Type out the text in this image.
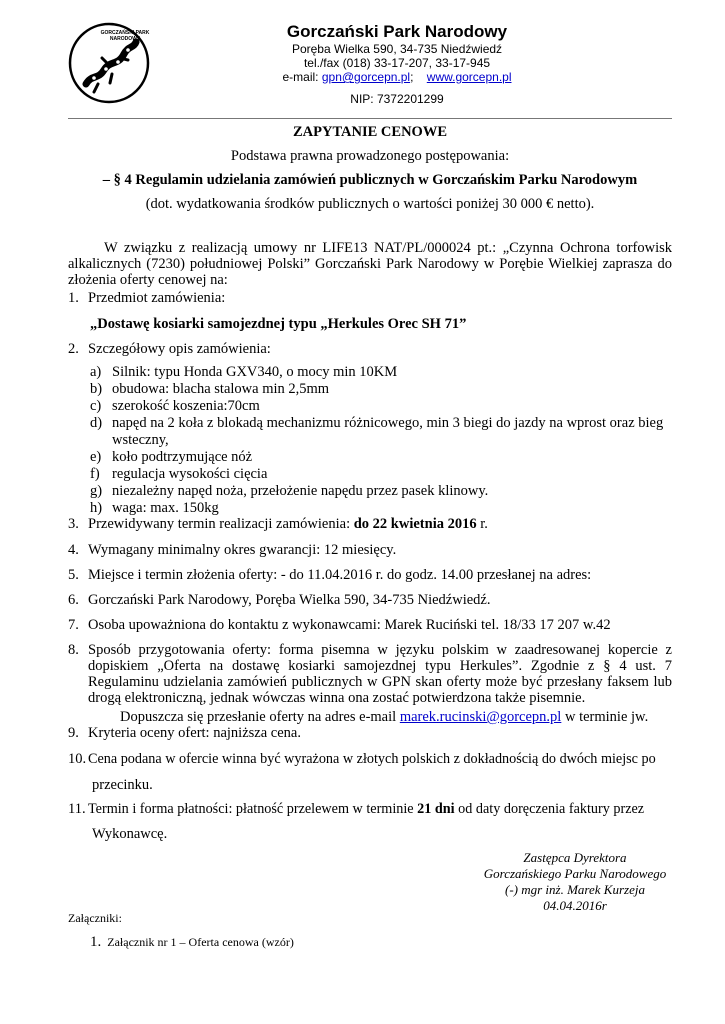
GORCZAŃSKI PARK NARODOWY	Gorczański Park Narodowy
Poręba Wielka 590, 34-735 Niedźwiedź
tel./fax (018) 33-17-207, 33-17-945
e-mail: gpn@gorcepn.pl; www.gorcepn.pl
NIP: 7372201299
ZAPYTANIE CENOWE
Podstawa prawna prowadzonego postępowania:
– § 4 Regulamin udzielania zamówień publicznych w Gorczańskim Parku Narodowym
(dot. wydatkowania środków publicznych o wartości poniżej 30 000 € netto).
W związku z realizacją umowy nr LIFE13 NAT/PL/000024 pt.: „Czynna Ochrona torfowisk alkalicznych (7230) południowej Polski” Gorczański Park Narodowy w Porębie Wielkiej zaprasza do złożenia oferty cenowej na:
1. Przedmiot zamówienia:
„Dostawę kosiarki samojezdnej typu „Herkules Orec SH 71”
2. Szczegółowy opis zamówienia:
a) Silnik: typu Honda GXV340, o mocy min 10KM
b) obudowa: blacha stalowa min 2,5mm
c) szerokość koszenia:70cm
d) napęd na 2 koła z blokadą mechanizmu różnicowego, min 3 biegi do jazdy na wprost oraz bieg wsteczny,
e) koło podtrzymujące nóż
f) regulacja wysokości cięcia
g) niezależny napęd noża, przełożenie napędu przez pasek klinowy.
h) waga: max. 150kg
3. Przewidywany termin realizacji zamówienia: do 22 kwietnia 2016 r.
4. Wymagany minimalny okres gwarancji: 12 miesięcy.
5. Miejsce i termin złożenia oferty: - do 11.04.2016 r. do godz. 14.00 przesłanej na adres:
6. Gorczański Park Narodowy, Poręba Wielka 590, 34-735 Niedźwiedź.
7. Osoba upoważniona do kontaktu z wykonawcami: Marek Ruciński tel. 18/33 17 207 w.42
8. Sposób przygotowania oferty: forma pisemna w języku polskim w zaadresowanej kopercie z dopiskiem „Oferta na dostawę kosiarki samojezdnej typu Herkules”. Zgodnie z § 4 ust. 7 Regulaminu udzielania zamówień publicznych w GPN skan oferty może być przesłany faksem lub drogą elektroniczną, jednak wówczas winna ona zostać potwierdzona także pisemnie.
Dopuszcza się przesłanie oferty na adres e-mail marek.rucinski@gorcepn.pl w terminie jw.
9. Kryteria oceny ofert: najniższa cena.
10. Cena podana w ofercie winna być wyrażona w złotych polskich z dokładnością do dwóch miejsc po
przecinku.
11. Termin i forma płatności: płatność przelewem w terminie 21 dni od daty doręczenia faktury przez
Wykonawcę.
Zastępca Dyrektora
Gorczańskiego Parku Narodowego
(-) mgr inż. Marek Kurzeja
04.04.2016r
Załączniki:
1. Załącznik nr 1 – Oferta cenowa (wzór)
